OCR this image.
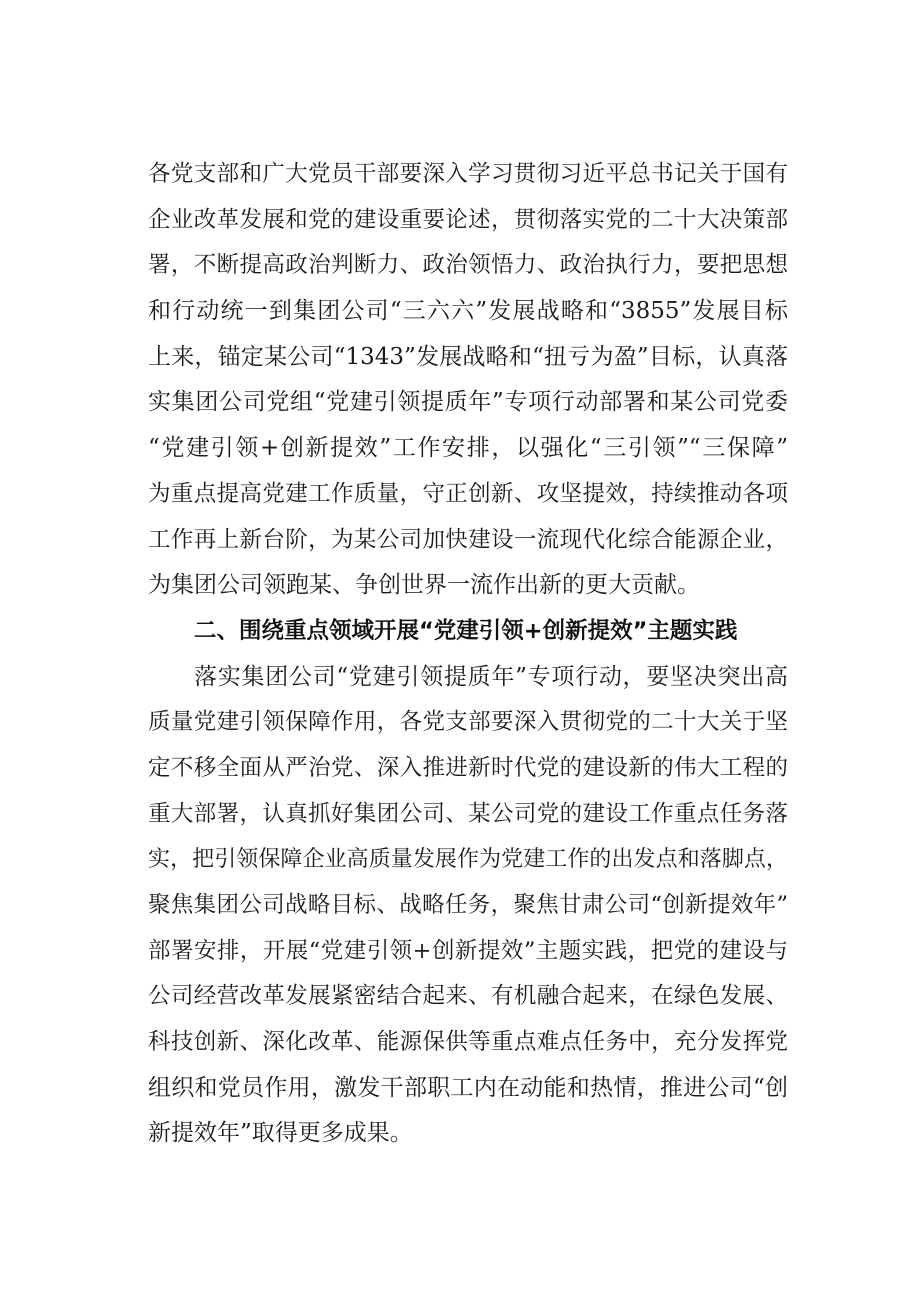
各党支部和广大党员干部要深入学习贯彻习近平总书记关于国有
企业改革发展和党的建设重要论述，贯彻落实党的二十大决策部
署，不断提高政治判断力、政治领悟力、政治执行力，要把思想
和行动统一到集团公司“三六六”发展战略和“3855”发展目标
上来，锚定某公司“1343”发展战略和“扭亏为盈”目标，认真落
实集团公司党组“党建引领提质年”专项行动部署和某公司党委
“党建引领+创新提效”工作安排，以强化“三引领”“三保障”
为重点提高党建工作质量，守正创新、攻坚提效，持续推动各项
工作再上新台阶，为某公司加快建设一流现代化综合能源企业，
为集团公司领跑某、争创世界一流作出新的更大贡献。
二、围绕重点领域开展“党建引领+创新提效”主题实践
落实集团公司“党建引领提质年”专项行动，要坚决突出高
质量党建引领保障作用，各党支部要深入贯彻党的二十大关于坚
定不移全面从严治党、深入推进新时代党的建设新的伟大工程的
重大部署，认真抓好集团公司、某公司党的建设工作重点任务落
实，把引领保障企业高质量发展作为党建工作的出发点和落脚点，
聚焦集团公司战略目标、战略任务，聚焦甘肃公司“创新提效年”
部署安排，开展“党建引领+创新提效”主题实践，把党的建设与
公司经营改革发展紧密结合起来、有机融合起来，在绿色发展、
科技创新、深化改革、能源保供等重点难点任务中，充分发挥党
组织和党员作用，激发干部职工内在动能和热情，推进公司“创
新提效年”取得更多成果。
